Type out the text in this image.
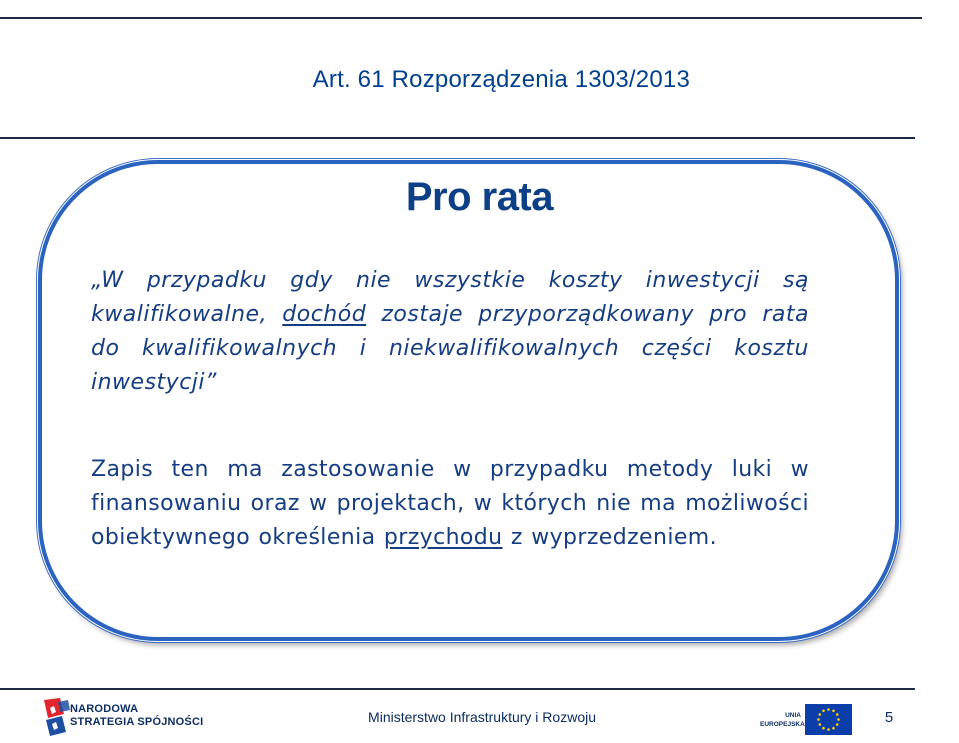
Art. 61 Rozporządzenia 1303/2013
Pro rata

„W przypadku gdy nie wszystkie koszty inwestycji są kwalifikowalne, dochód zostaje przyporządkowany pro rata do kwalifikowalnych i niekwalifikowalnych części kosztu inwestycji”

Zapis ten ma zastosowanie w przypadku metody luki w finansowaniu oraz w projektach, w których nie ma możliwości obiektywnego określenia przychodu z wyprzedzeniem.

NARODOWA
STRATEGIA SPÓJNOŚCI	Ministerstwo Infrastruktury i Rozwoju	UNIA
EUROPEJSKA	5
